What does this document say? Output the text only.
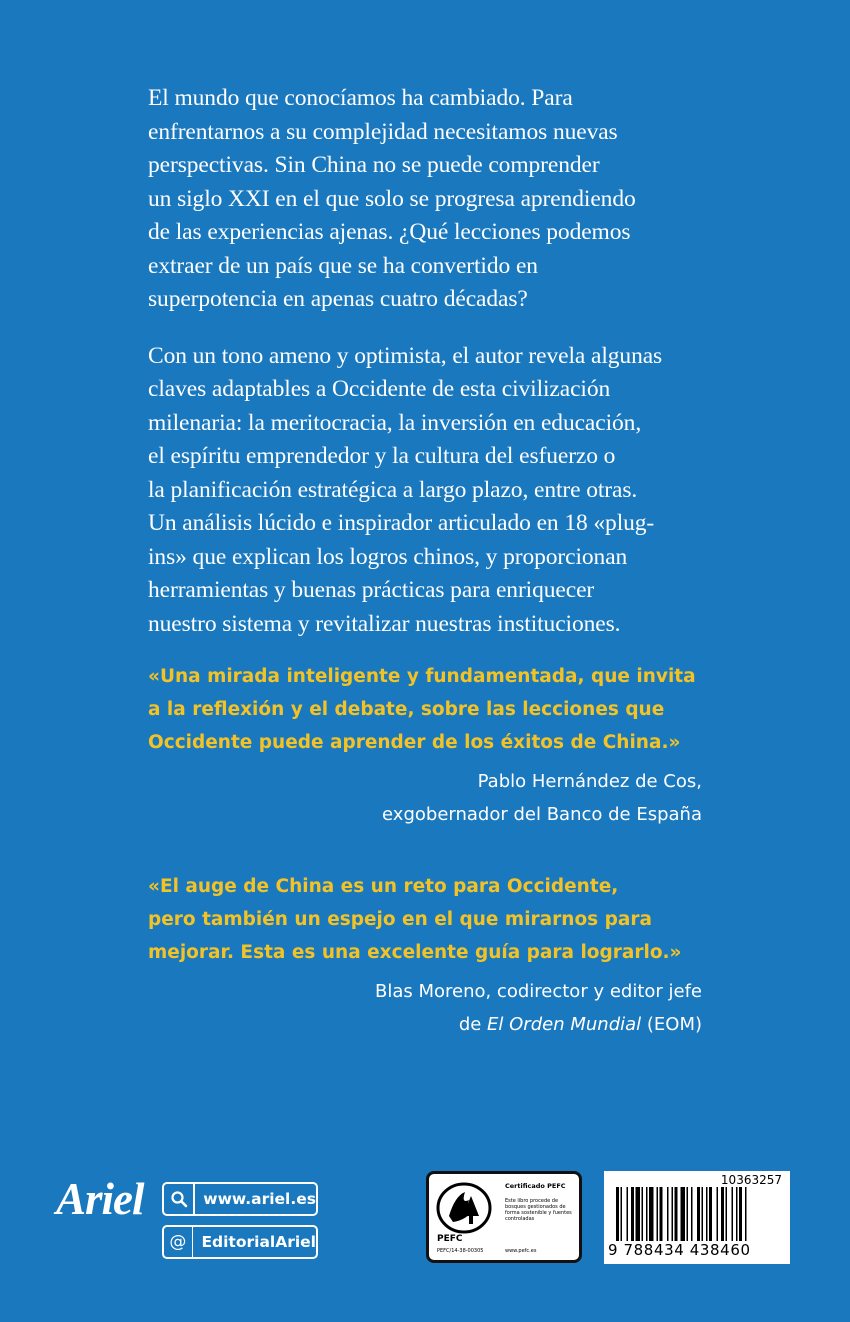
El mundo que conocíamos ha cambiado. Para
enfrentarnos a su complejidad necesitamos nuevas
perspectivas. Sin China no se puede comprender
un siglo XXI en el que solo se progresa aprendiendo
de las experiencias ajenas. ¿Qué lecciones podemos
extraer de un país que se ha convertido en
superpotencia en apenas cuatro décadas?

Con un tono ameno y optimista, el autor revela algunas
claves adaptables a Occidente de esta civilización
milenaria: la meritocracia, la inversión en educación,
el espíritu emprendedor y la cultura del esfuerzo o
la planificación estratégica a largo plazo, entre otras.
Un análisis lúcido e inspirador articulado en 18 «plug-
ins» que explican los logros chinos, y proporcionan
herramientas y buenas prácticas para enriquecer
nuestro sistema y revitalizar nuestras instituciones.

«Una mirada inteligente y fundamentada, que invita
a la reflexión y el debate, sobre las lecciones que
Occidente puede aprender de los éxitos de China.»
Pablo Hernández de Cos,
exgobernador del Banco de España
«El auge de China es un reto para Occidente,
pero también un espejo en el que mirarnos para
mejorar. Esta es una excelente guía para lograrlo.»
Blas Moreno, codirector y editor jefe
de El Orden Mundial (EOM)
Ariel	www.ariel.es
@ EditorialAriel	PEFC
PEFC/14-38-00305
Certificado PEFC
Este libro procede de bosques gestionados de forma sostenible y fuentes controladas
www.pefc.es
10363257
9 788434 438460
